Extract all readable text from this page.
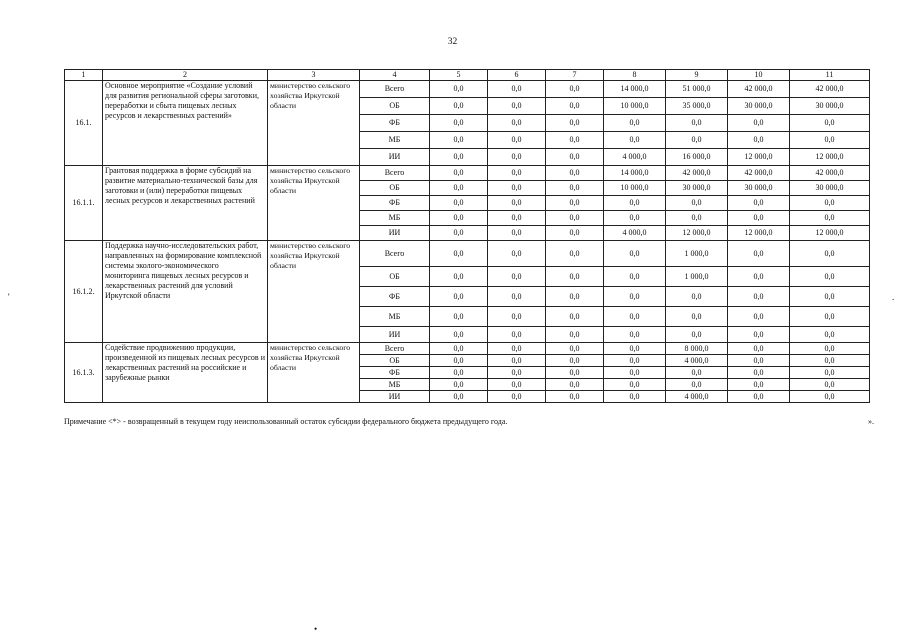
32
1	2	3	4	5	6	7	8	9	10	11
16.1.	Основное мероприятие «Создание условий для развития региональной сферы заготовки, переработки и сбыта пищевых лесных ресурсов и лекарственных растений»	министерство сельского хозяйства Иркутской области	Всего	0,0	0,0	0,0	14 000,0	51 000,0	42 000,0	42 000,0
			ОБ	0,0	0,0	0,0	10 000,0	35 000,0	30 000,0	30 000,0
			ФБ	0,0	0,0	0,0	0,0	0,0	0,0	0,0
			МБ	0,0	0,0	0,0	0,0	0,0	0,0	0,0
			ИИ	0,0	0,0	0,0	4 000,0	16 000,0	12 000,0	12 000,0
16.1.1.	Грантовая поддержка в форме субсидий на развитие материально-технической базы для заготовки и (или) переработки пищевых лесных ресурсов и лекарственных растений	министерство сельского хозяйства Иркутской области	Всего	0,0	0,0	0,0	14 000,0	42 000,0	42 000,0	42 000,0
			ОБ	0,0	0,0	0,0	10 000,0	30 000,0	30 000,0	30 000,0
			ФБ	0,0	0,0	0,0	0,0	0,0	0,0	0,0
			МБ	0,0	0,0	0,0	0,0	0,0	0,0	0,0
			ИИ	0,0	0,0	0,0	4 000,0	12 000,0	12 000,0	12 000,0
16.1.2.	Поддержка научно-исследовательских работ, направленных на формирование комплексной системы эколого-экономического мониторинга пищевых лесных ресурсов и лекарственных растений для условий Иркутской области	министерство сельского хозяйства Иркутской области	Всего	0,0	0,0	0,0	0,0	1 000,0	0,0	0,0
			ОБ	0,0	0,0	0,0	0,0	1 000,0	0,0	0,0
			ФБ	0,0	0,0	0,0	0,0	0,0	0,0	0,0
			МБ	0,0	0,0	0,0	0,0	0,0	0,0	0,0
			ИИ	0,0	0,0	0,0	0,0	0,0	0,0	0,0
16.1.3.	Содействие продвижению продукции, произведенной из пищевых лесных ресурсов и лекарственных растений на российские и зарубежные рынки	министерство сельского хозяйства Иркутской области	Всего	0,0	0,0	0,0	0,0	8 000,0	0,0	0,0
			ОБ	0,0	0,0	0,0	0,0	4 000,0	0,0	0,0
			ФБ	0,0	0,0	0,0	0,0	0,0	0,0	0,0
			МБ	0,0	0,0	0,0	0,0	0,0	0,0	0,0
			ИИ	0,0	0,0	0,0	0,0	4 000,0	0,0	0,0
Примечание <*> - возвращенный в текущем году неиспользованный остаток субсидии федерального бюджета предыдущего года.	».
'	.
•
